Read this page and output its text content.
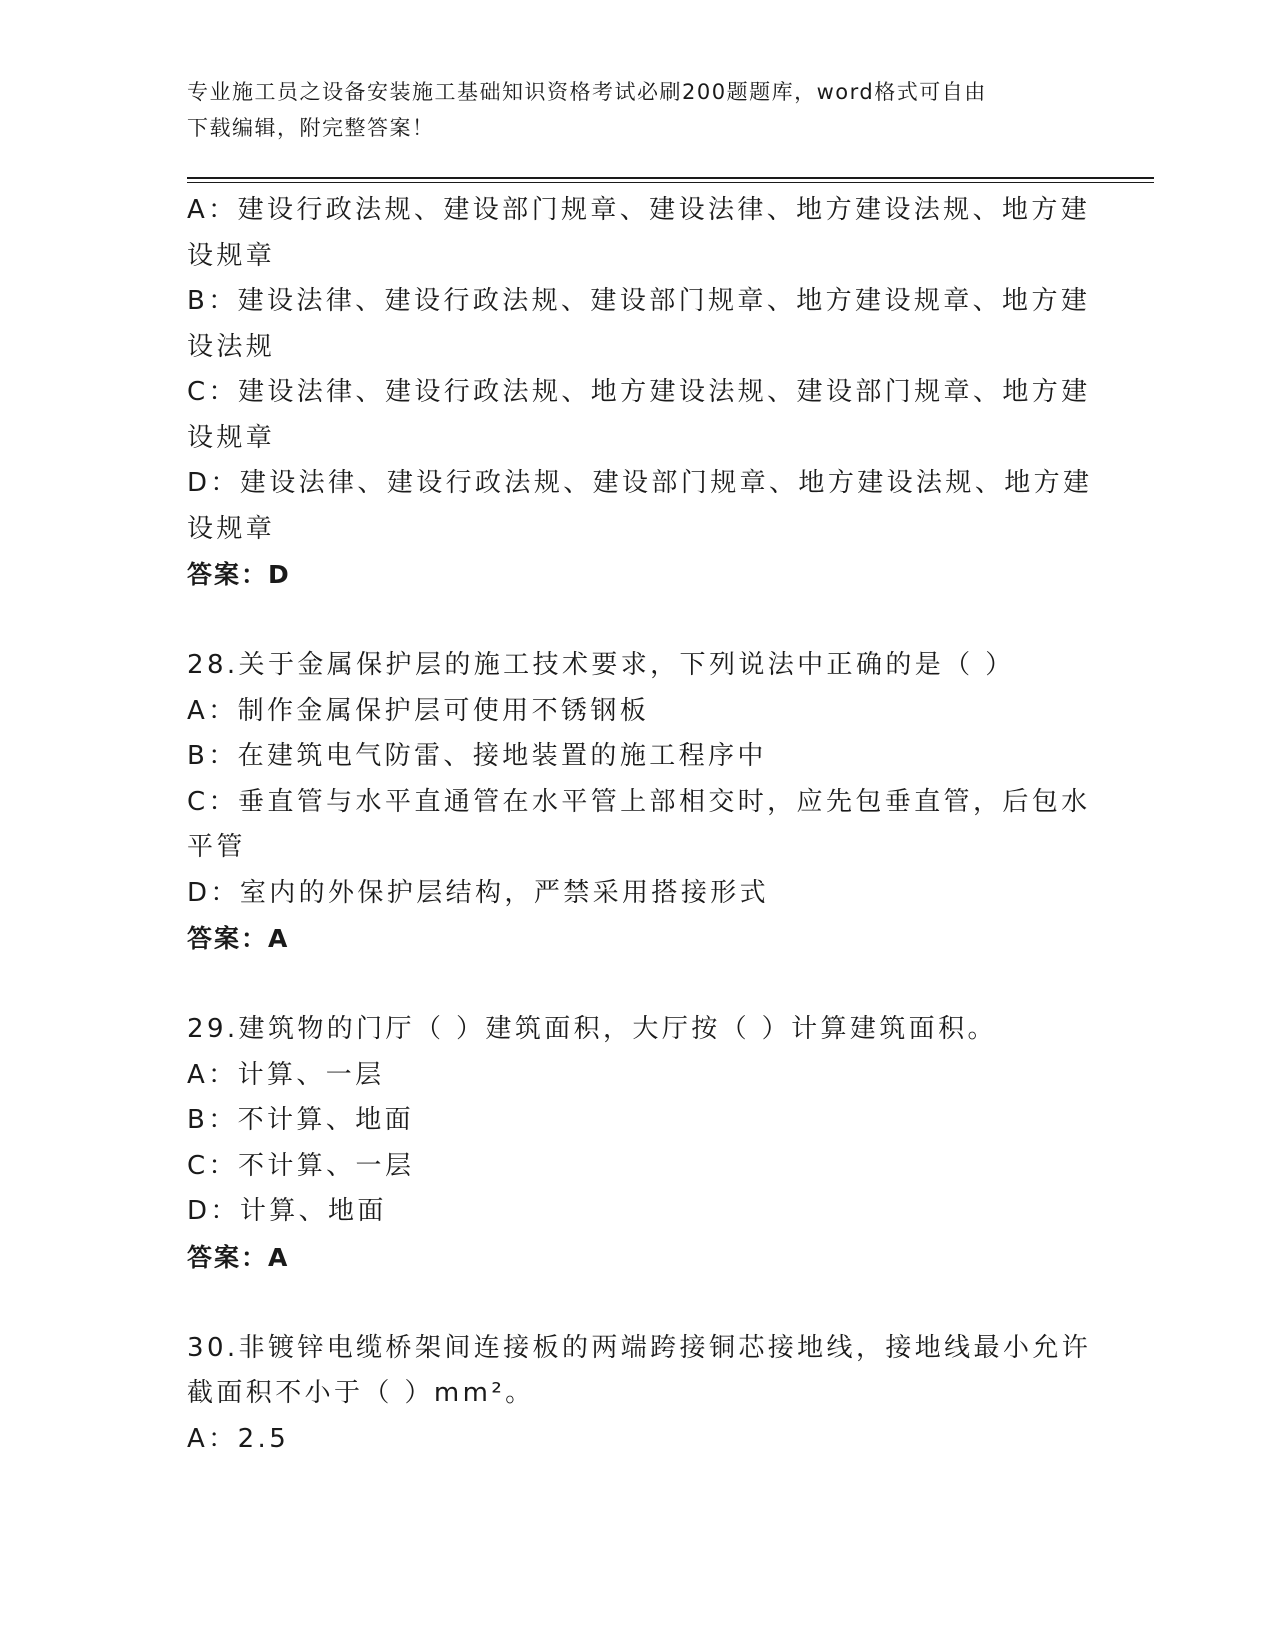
专业施工员之设备安装施工基础知识资格考试必刷200题题库，word格式可自由
下载编辑，附完整答案！
A：建设行政法规、建设部门规章、建设法律、地方建设法规、地方建
设规章
B：建设法律、建设行政法规、建设部门规章、地方建设规章、地方建
设法规
C：建设法律、建设行政法规、地方建设法规、建设部门规章、地方建
设规章
D：建设法律、建设行政法规、建设部门规章、地方建设法规、地方建
设规章
答案：D
28.关于金属保护层的施工技术要求，下列说法中正确的是（ ）
A：制作金属保护层可使用不锈钢板
B：在建筑电气防雷、接地装置的施工程序中
C：垂直管与水平直通管在水平管上部相交时，应先包垂直管，后包水
平管
D：室内的外保护层结构，严禁采用搭接形式
答案：A
29.建筑物的门厅（ ）建筑面积，大厅按（ ）计算建筑面积。
A：计算、一层
B：不计算、地面
C：不计算、一层
D：计算、地面
答案：A
30.非镀锌电缆桥架间连接板的两端跨接铜芯接地线，接地线最小允许
截面积不小于（ ）mm²。
A：2.5
